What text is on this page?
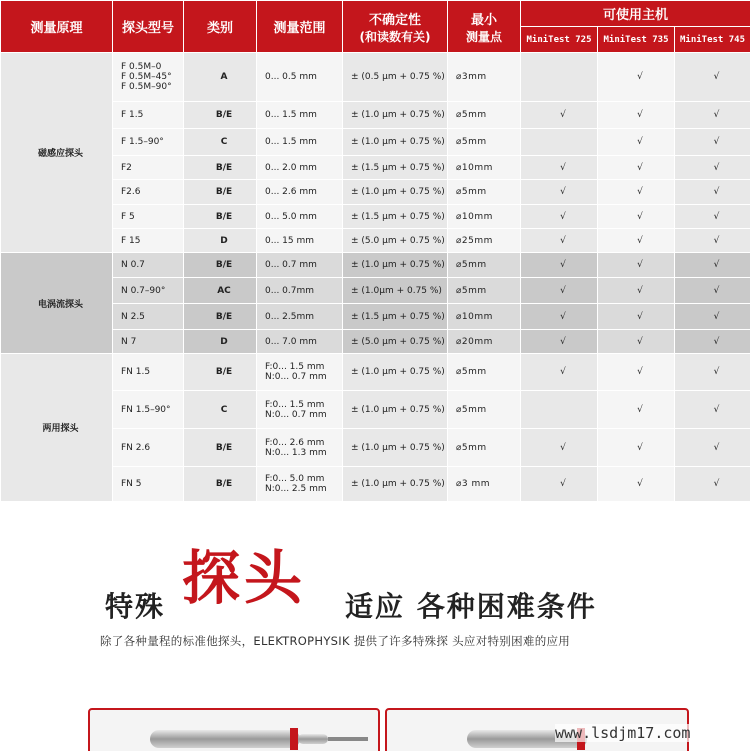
测量原理	探头型号	类别	测量范围	不确定性
(和读数有关)	最小
测量点	可使用主机		
						MiniTest 725	MiniTest 735	MiniTest 745
磁感应探头	F 0.5M–0
F 0.5M–45°
F 0.5M–90°	A	0... 0.5 mm	± (0.5 µm + 0.75 %)	⌀3mm		√	√
	F 1.5	B/E	0... 1.5 mm	± (1.0 µm + 0.75 %)	⌀5mm	√	√	√
	F 1.5–90°	C	0... 1.5 mm	± (1.0 µm + 0.75 %)	⌀5mm		√	√
	F2	B/E	0... 2.0 mm	± (1.5 µm + 0.75 %)	⌀10mm	√	√	√
	F2.6	B/E	0... 2.6 mm	± (1.0 µm + 0.75 %)	⌀5mm	√	√	√
	F 5	B/E	0... 5.0 mm	± (1.5 µm + 0.75 %)	⌀10mm	√	√	√
	F 15	D	0... 15 mm	± (5.0 µm + 0.75 %)	⌀25mm	√	√	√
电涡流探头	N 0.7	B/E	0... 0.7 mm	± (1.0 µm + 0.75 %)	⌀5mm	√	√	√
	N 0.7–90°	AC	0... 0.7mm	± (1.0µm + 0.75 %)	⌀5mm	√	√	√
	N 2.5	B/E	0... 2.5mm	± (1.5 µm + 0.75 %)	⌀10mm	√	√	√
	N 7	D	0... 7.0 mm	± (5.0 µm + 0.75 %)	⌀20mm	√	√	√
两用探头	FN 1.5	B/E	F:0... 1.5 mm
N:0... 0.7 mm	± (1.0 µm + 0.75 %)	⌀5mm	√	√	√
	FN 1.5–90°	C	F:0... 1.5 mm
N:0... 0.7 mm	± (1.0 µm + 0.75 %)	⌀5mm		√	√
	FN 2.6	B/E	F:0... 2.6 mm
N:0... 1.3 mm	± (1.0 µm + 0.75 %)	⌀5mm	√	√	√
	FN 5	B/E	F:0... 5.0 mm
N:0... 2.5 mm	± (1.0 µm + 0.75 %)	⌀3 mm	√	√	√
特殊 探头 适应 各种困难条件
除了各种量程的标准他探头，ELEKTROPHYSIK 提供了许多特殊探 头应对特别困难的应用
www.lsdjm17.com
